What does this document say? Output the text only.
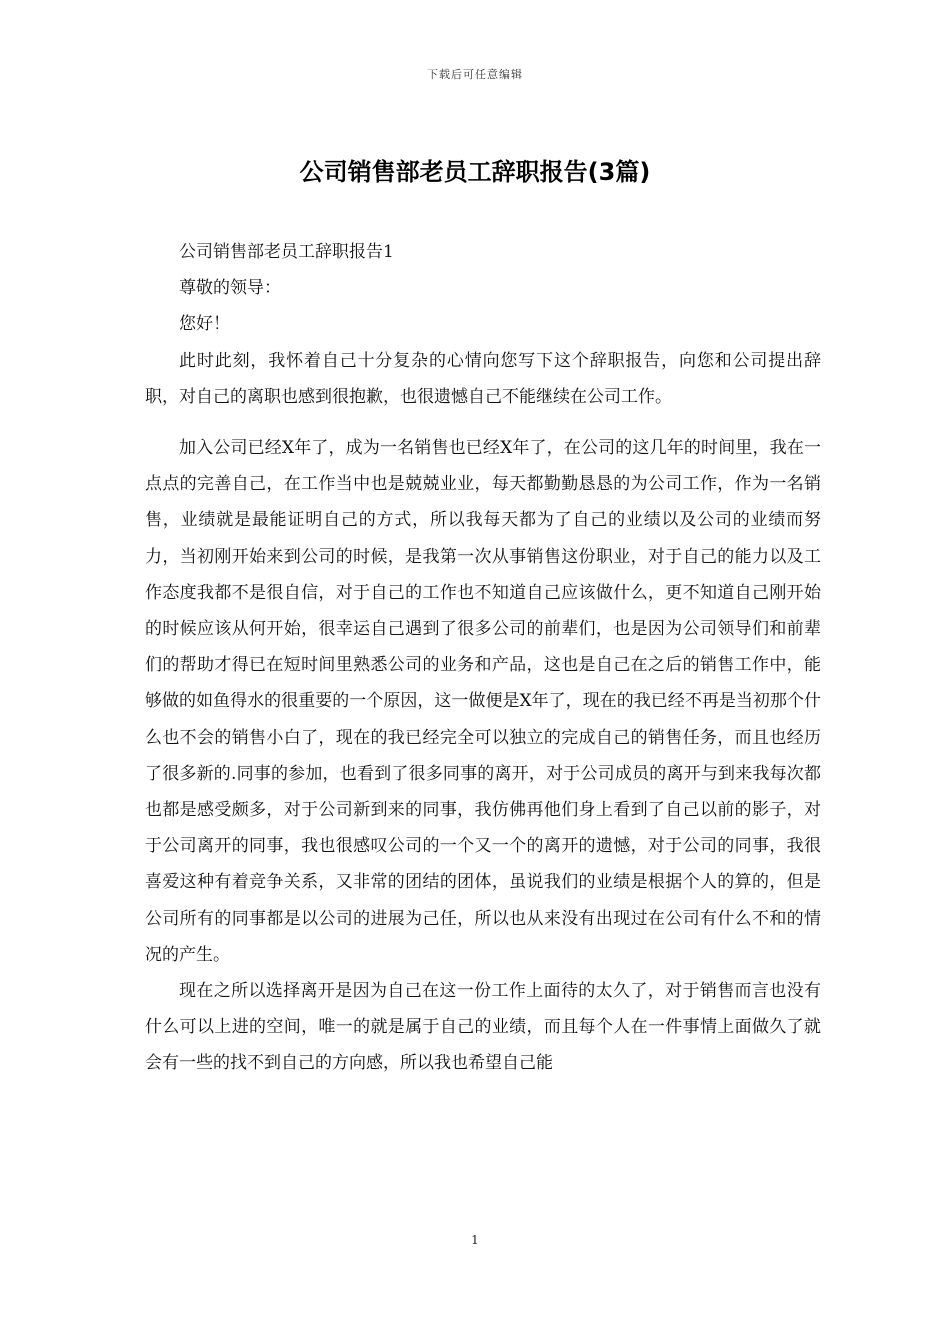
下载后可任意编辑
公司销售部老员工辞职报告(3篇)

公司销售部老员工辞职报告1

尊敬的领导：

您好！

此时此刻，我怀着自己十分复杂的心情向您写下这个辞职报告，向您和公司提出辞职，对自己的离职也感到很抱歉，也很遗憾自己不能继续在公司工作。

加入公司已经X年了，成为一名销售也已经X年了，在公司的这几年的时间里，我在一点点的完善自己，在工作当中也是兢兢业业，每天都勤勤恳恳的为公司工作，作为一名销售，业绩就是最能证明自己的方式，所以我每天都为了自己的业绩以及公司的业绩而努力，当初刚开始来到公司的时候，是我第一次从事销售这份职业，对于自己的能力以及工作态度我都不是很自信，对于自己的工作也不知道自己应该做什么，更不知道自己刚开始的时候应该从何开始，很幸运自己遇到了很多公司的前辈们，也是因为公司领导们和前辈们的帮助才得已在短时间里熟悉公司的业务和产品，这也是自己在之后的销售工作中，能够做的如鱼得水的很重要的一个原因，这一做便是X年了，现在的我已经不再是当初那个什么也不会的销售小白了，现在的我已经完全可以独立的完成自己的销售任务，而且也经历了很多新的.同事的参加，也看到了很多同事的离开，对于公司成员的离开与到来我每次都也都是感受颇多，对于公司新到来的同事，我仿佛再他们身上看到了自己以前的影子，对于公司离开的同事，我也很感叹公司的一个又一个的离开的遗憾，对于公司的同事，我很喜爱这种有着竞争关系，又非常的团结的团体，虽说我们的业绩是根据个人的算的，但是公司所有的同事都是以公司的进展为己任，所以也从来没有出现过在公司有什么不和的情况的产生。

现在之所以选择离开是因为自己在这一份工作上面待的太久了，对于销售而言也没有什么可以上进的空间，唯一的就是属于自己的业绩，而且每个人在一件事情上面做久了就会有一些的找不到自己的方向感，所以我也希望自己能

1
